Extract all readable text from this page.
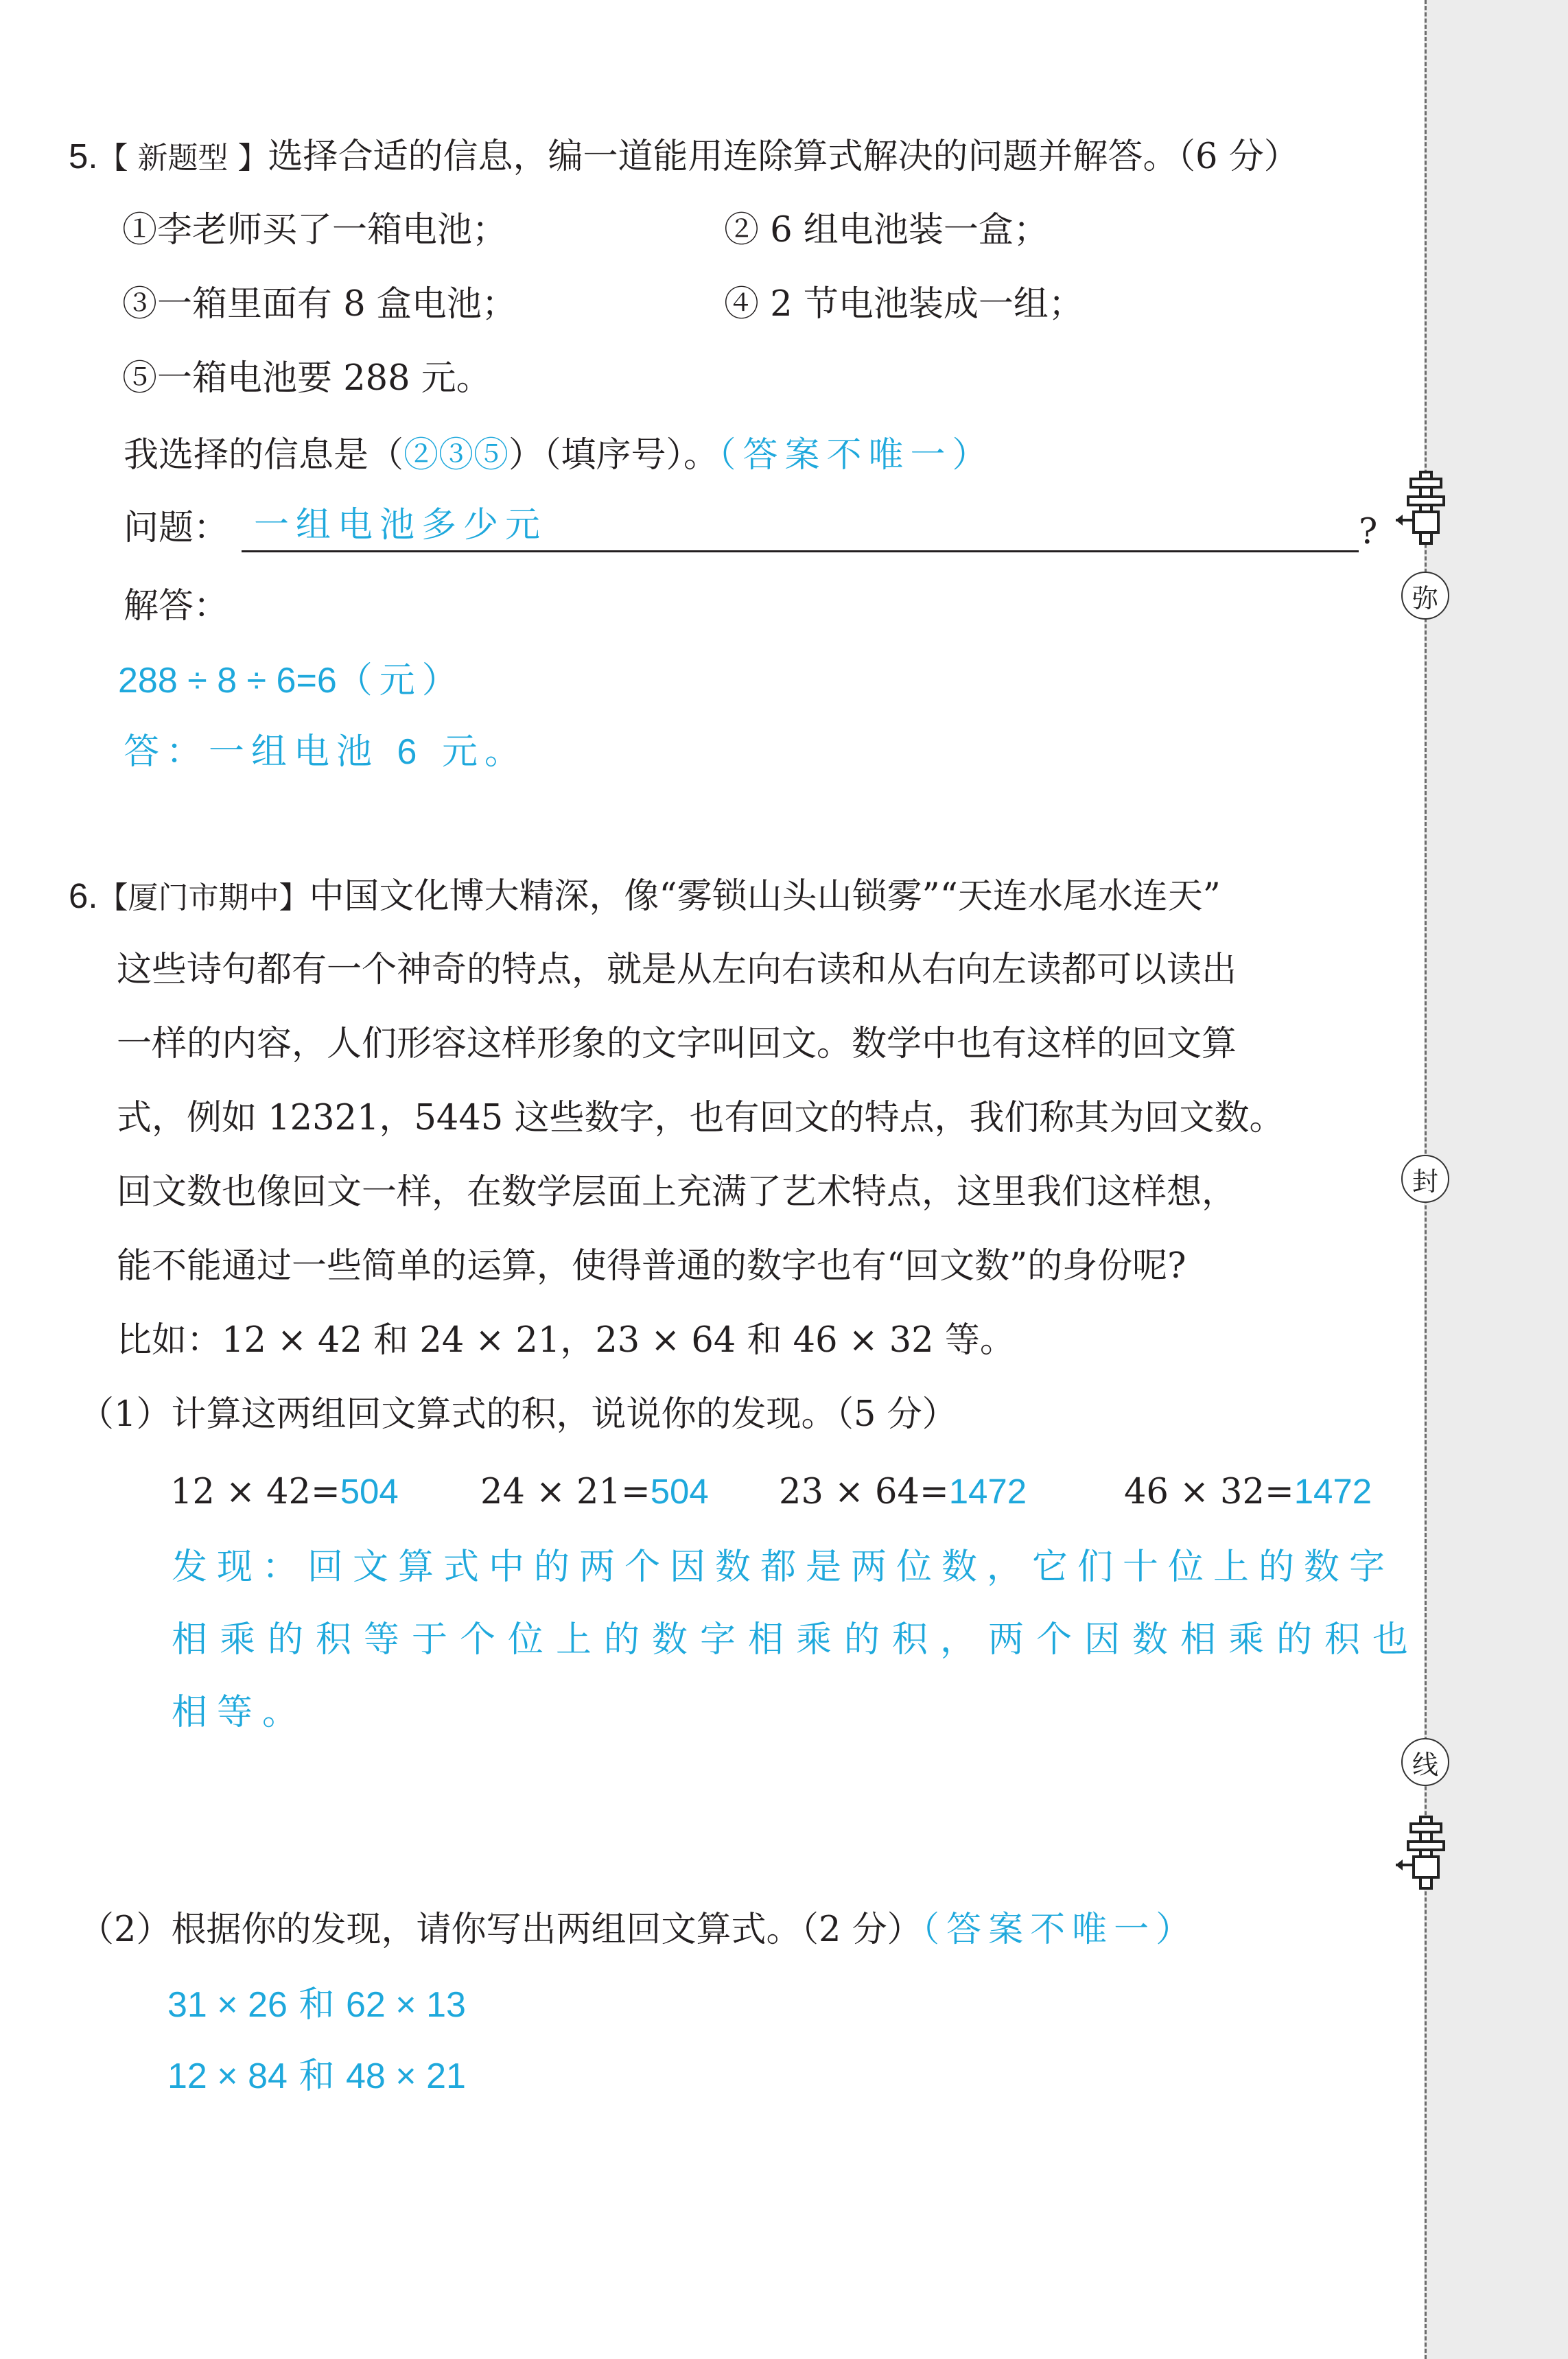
5.【 新题型 】选择合适的信息，编一道能用连除算式解决的问题并解答。（6 分）
①李老师买了一箱电池；	② 6 组电池装一盒；
③一箱里面有 8 盒电池；	④ 2 节电池装成一组；
⑤一箱电池要 288 元。
我选择的信息是（②③⑤）（填序号）。（答案不唯一）
问题： 一组电池多少元	?
解答：
288 ÷ 8 ÷ 6=6（元）
答：一组电池 6 元。
6.【厦门市期中】中国文化博大精深，像“雾锁山头山锁雾”“天连水尾水连天”
这些诗句都有一个神奇的特点，就是从左向右读和从右向左读都可以读出
一样的内容，人们形容这样形象的文字叫回文。数学中也有这样的回文算
式，例如 12321，5445 这些数字，也有回文的特点，我们称其为回文数。
回文数也像回文一样，在数学层面上充满了艺术特点，这里我们这样想，
能不能通过一些简单的运算，使得普通的数字也有“回文数”的身份呢?
比如：12 × 42 和 24 × 21，23 × 64 和 46 × 32 等。
（1）计算这两组回文算式的积，说说你的发现。（5 分）
12 × 42=504 24 × 21=504 23 × 64=1472	46 × 32=1472
发现：回文算式中的两个因数都是两位数，它们十位上的数字
相乘的积等于个位上的数字相乘的积，两个因数相乘的积也
相等。
（2）根据你的发现，请你写出两组回文算式。（2 分）（答案不唯一）
31 × 26 和 62 × 13
12 × 84 和 48 × 21
弥
封
线
